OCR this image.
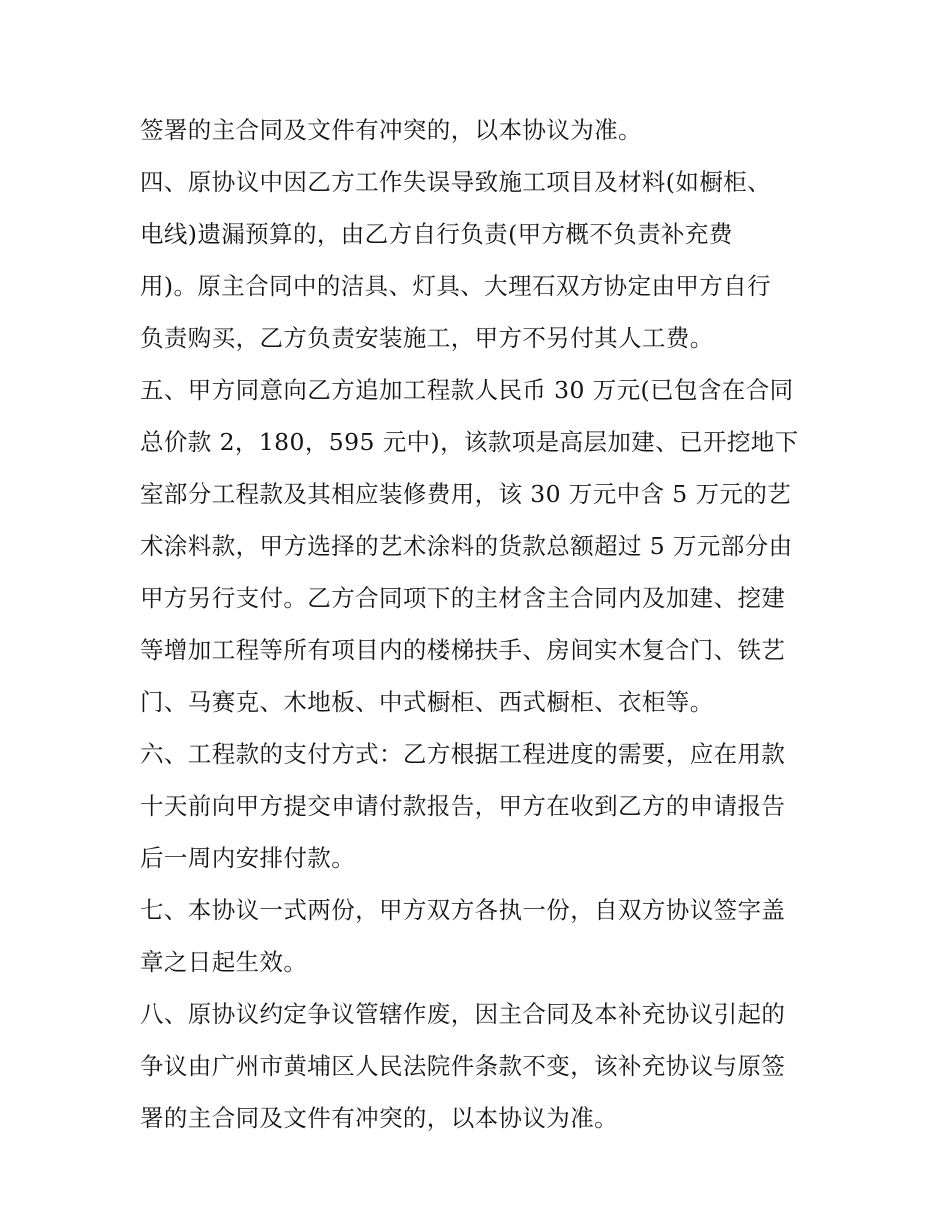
签署的主合同及文件有冲突的，以本协议为准。
四、原协议中因乙方工作失误导致施工项目及材料(如橱柜、
电线)遗漏预算的，由乙方自行负责(甲方概不负责补充费
用)。原主合同中的洁具、灯具、大理石双方协定由甲方自行
负责购买，乙方负责安装施工，甲方不另付其人工费。
五、甲方同意向乙方追加工程款人民币 30 万元(已包含在合同
总价款 2，180，595 元中)，该款项是高层加建、已开挖地下
室部分工程款及其相应装修费用，该 30 万元中含 5 万元的艺
术涂料款，甲方选择的艺术涂料的货款总额超过 5 万元部分由
甲方另行支付。乙方合同项下的主材含主合同内及加建、挖建
等增加工程等所有项目内的楼梯扶手、房间实木复合门、铁艺
门、马赛克、木地板、中式橱柜、西式橱柜、衣柜等。
六、工程款的支付方式：乙方根据工程进度的需要，应在用款
十天前向甲方提交申请付款报告，甲方在收到乙方的申请报告
后一周内安排付款。
七、本协议一式两份，甲方双方各执一份，自双方协议签字盖
章之日起生效。
八、原协议约定争议管辖作废，因主合同及本补充协议引起的
争议由广州市黄埔区人民法院件条款不变，该补充协议与原签
署的主合同及文件有冲突的，以本协议为准。
